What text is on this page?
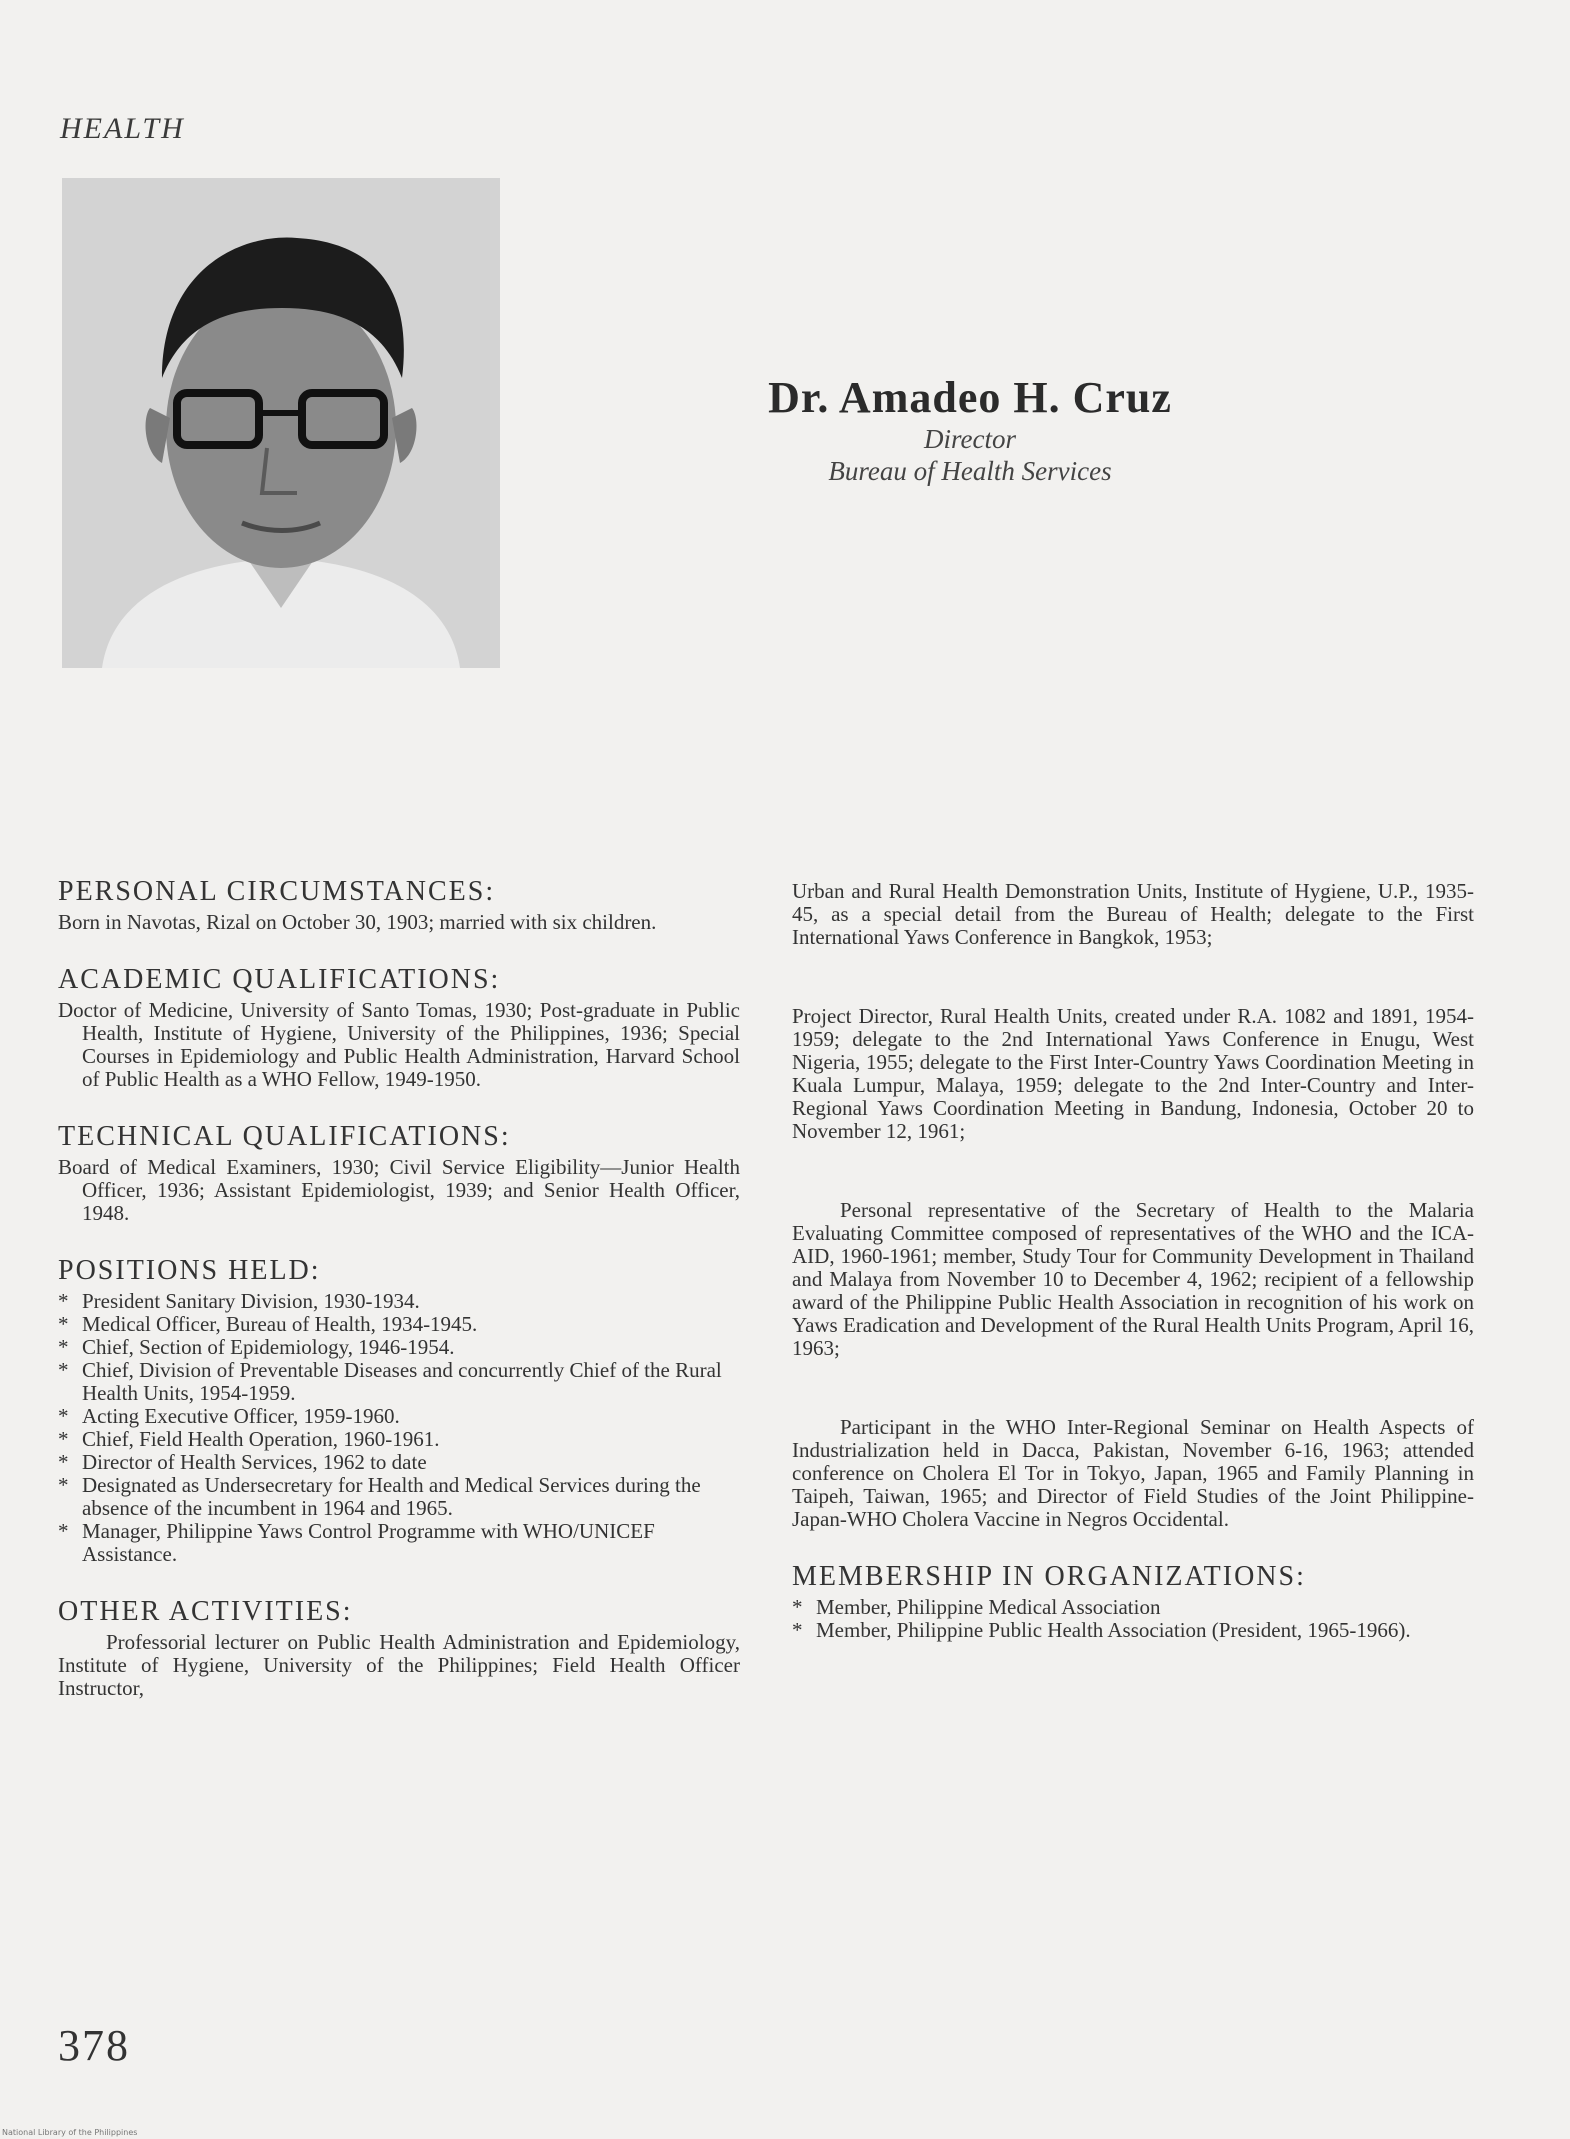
HEALTH
Dr. Amadeo H. Cruz
Director
Bureau of Health Services
PERSONAL CIRCUMSTANCES:

Born in Navotas, Rizal on October 30, 1903; married with six children.

ACADEMIC QUALIFICATIONS:

Doctor of Medicine, University of Santo Tomas, 1930; Post-graduate in Public Health, Institute of Hygiene, University of the Philippines, 1936; Special Courses in Epidemiology and Public Health Administration, Harvard School of Public Health as a WHO Fellow, 1949-1950.

TECHNICAL QUALIFICATIONS:

Board of Medical Examiners, 1930; Civil Service Eligibility—Junior Health Officer, 1936; Assistant Epidemiologist, 1939; and Senior Health Officer, 1948.

POSITIONS HELD:
* President Sanitary Division, 1930-1934.
* Medical Officer, Bureau of Health, 1934-1945.
* Chief, Section of Epidemiology, 1946-1954.
* Chief, Division of Preventable Diseases and concurrently Chief of the Rural Health Units, 1954-1959.
* Acting Executive Officer, 1959-1960.
* Chief, Field Health Operation, 1960-1961.
* Director of Health Services, 1962 to date
* Designated as Undersecretary for Health and Medical Services during the absence of the incumbent in 1964 and 1965.
* Manager, Philippine Yaws Control Programme with WHO/UNICEF Assistance.
OTHER ACTIVITIES:

Professorial lecturer on Public Health Administration and Epidemiology, Institute of Hygiene, University of the Philippines; Field Health Officer Instructor,

Urban and Rural Health Demonstration Units, Institute of Hygiene, U.P., 1935-45, as a special detail from the Bureau of Health; delegate to the First International Yaws Conference in Bangkok, 1953;

Project Director, Rural Health Units, created under R.A. 1082 and 1891, 1954-1959; delegate to the 2nd International Yaws Conference in Enugu, West Nigeria, 1955; delegate to the First Inter-Country Yaws Coordination Meeting in Kuala Lumpur, Malaya, 1959; delegate to the 2nd Inter-Country and Inter-Regional Yaws Coordination Meeting in Bandung, Indonesia, October 20 to November 12, 1961;

Personal representative of the Secretary of Health to the Malaria Evaluating Committee composed of representatives of the WHO and the ICA-AID, 1960-1961; member, Study Tour for Community Development in Thailand and Malaya from November 10 to December 4, 1962; recipient of a fellowship award of the Philippine Public Health Association in recognition of his work on Yaws Eradication and Development of the Rural Health Units Program, April 16, 1963;

Participant in the WHO Inter-Regional Seminar on Health Aspects of Industrialization held in Dacca, Pakistan, November 6-16, 1963; attended conference on Cholera El Tor in Tokyo, Japan, 1965 and Family Planning in Taipeh, Taiwan, 1965; and Director of Field Studies of the Joint Philippine-Japan-WHO Cholera Vaccine in Negros Occidental.

MEMBERSHIP IN ORGANIZATIONS:
* Member, Philippine Medical Association
* Member, Philippine Public Health Association (President, 1965-1966).
378
National Library of the Philippines
